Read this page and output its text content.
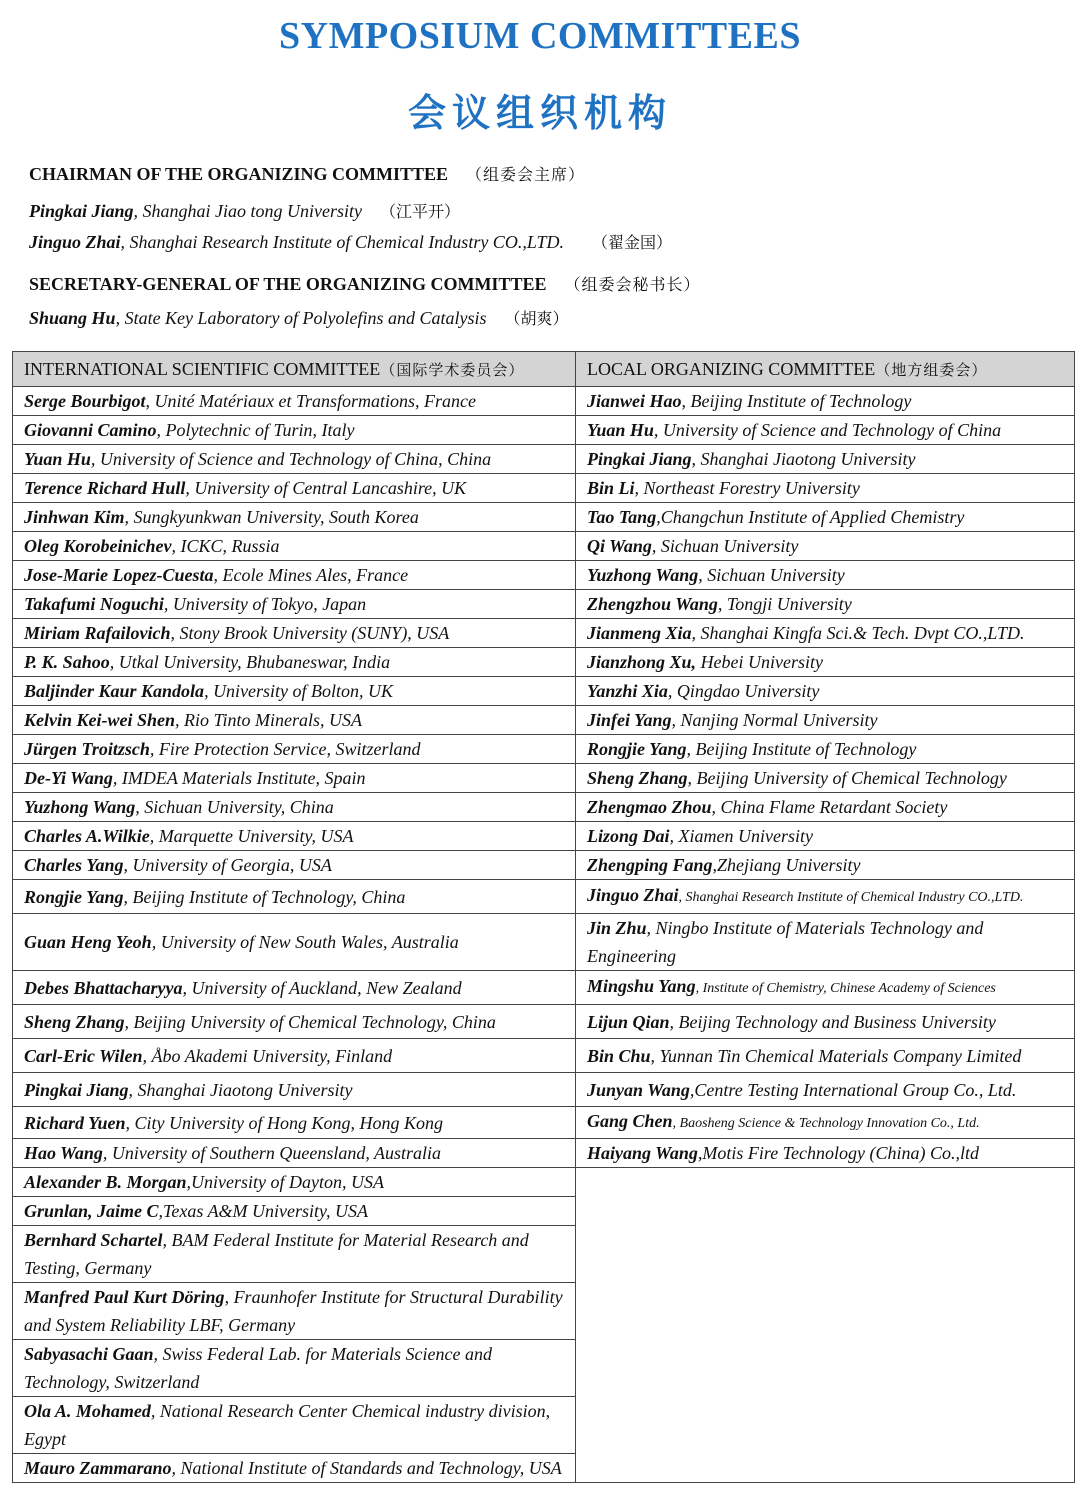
SYMPOSIUM COMMITTEES
会议组织机构
CHAIRMAN OF THE ORGANIZING COMMITTEE （组委会主席）
Pingkai Jiang, Shanghai Jiao tong University （江平开）
Jinguo Zhai, Shanghai Research Institute of Chemical Industry CO.,LTD. （翟金国）
SECRETARY-GENERAL OF THE ORGANIZING COMMITTEE （组委会秘书长）
Shuang Hu, State Key Laboratory of Polyolefins and Catalysis （胡爽）
INTERNATIONAL SCIENTIFIC COMMITTEE（国际学术委员会）	LOCAL ORGANIZING COMMITTEE（地方组委会）
Serge Bourbigot, Unité Matériaux et Transformations, France	Jianwei Hao, Beijing Institute of Technology
Giovanni Camino, Polytechnic of Turin, Italy	Yuan Hu, University of Science and Technology of China
Yuan Hu, University of Science and Technology of China, China	Pingkai Jiang, Shanghai Jiaotong University
Terence Richard Hull, University of Central Lancashire, UK	Bin Li, Northeast Forestry University
Jinhwan Kim, Sungkyunkwan University, South Korea	Tao Tang,Changchun Institute of Applied Chemistry
Oleg Korobeinichev, ICKC, Russia	Qi Wang, Sichuan University
Jose-Marie Lopez-Cuesta, Ecole Mines Ales, France	Yuzhong Wang, Sichuan University
Takafumi Noguchi, University of Tokyo, Japan	Zhengzhou Wang, Tongji University
Miriam Rafailovich, Stony Brook University (SUNY), USA	Jianmeng Xia, Shanghai Kingfa Sci.& Tech. Dvpt CO.,LTD.
P. K. Sahoo, Utkal University, Bhubaneswar, India	Jianzhong Xu, Hebei University
Baljinder Kaur Kandola, University of Bolton, UK	Yanzhi Xia, Qingdao University
Kelvin Kei-wei Shen, Rio Tinto Minerals, USA	Jinfei Yang, Nanjing Normal University
Jürgen Troitzsch, Fire Protection Service, Switzerland	Rongjie Yang, Beijing Institute of Technology
De-Yi Wang, IMDEA Materials Institute, Spain	Sheng Zhang, Beijing University of Chemical Technology
Yuzhong Wang, Sichuan University, China	Zhengmao Zhou, China Flame Retardant Society
Charles A.Wilkie, Marquette University, USA	Lizong Dai, Xiamen University
Charles Yang, University of Georgia, USA	Zhengping Fang,Zhejiang University
Rongjie Yang, Beijing Institute of Technology, China	Jinguo Zhai, Shanghai Research Institute of Chemical Industry CO.,LTD.
Guan Heng Yeoh, University of New South Wales, Australia	Jin Zhu, Ningbo Institute of Materials Technology and Engineering
Debes Bhattacharyya, University of Auckland, New Zealand	Mingshu Yang, Institute of Chemistry, Chinese Academy of Sciences
Sheng Zhang, Beijing University of Chemical Technology, China	Lijun Qian, Beijing Technology and Business University
Carl-Eric Wilen, Åbo Akademi University, Finland	Bin Chu, Yunnan Tin Chemical Materials Company Limited
Pingkai Jiang, Shanghai Jiaotong University	Junyan Wang,Centre Testing International Group Co., Ltd.
Richard Yuen, City University of Hong Kong, Hong Kong	Gang Chen, Baosheng Science & Technology Innovation Co., Ltd.
Hao Wang, University of Southern Queensland, Australia	Haiyang Wang,Motis Fire Technology (China) Co.,ltd
Alexander B. Morgan,University of Dayton, USA	
Grunlan, Jaime C,Texas A&M University, USA	
Bernhard Schartel, BAM Federal Institute for Material Research and Testing, Germany	
Manfred Paul Kurt Döring, Fraunhofer Institute for Structural Durability and System Reliability LBF, Germany	
Sabyasachi Gaan, Swiss Federal Lab. for Materials Science and Technology, Switzerland	
Ola A. Mohamed, National Research Center Chemical industry division, Egypt	
Mauro Zammarano, National Institute of Standards and Technology, USA	
